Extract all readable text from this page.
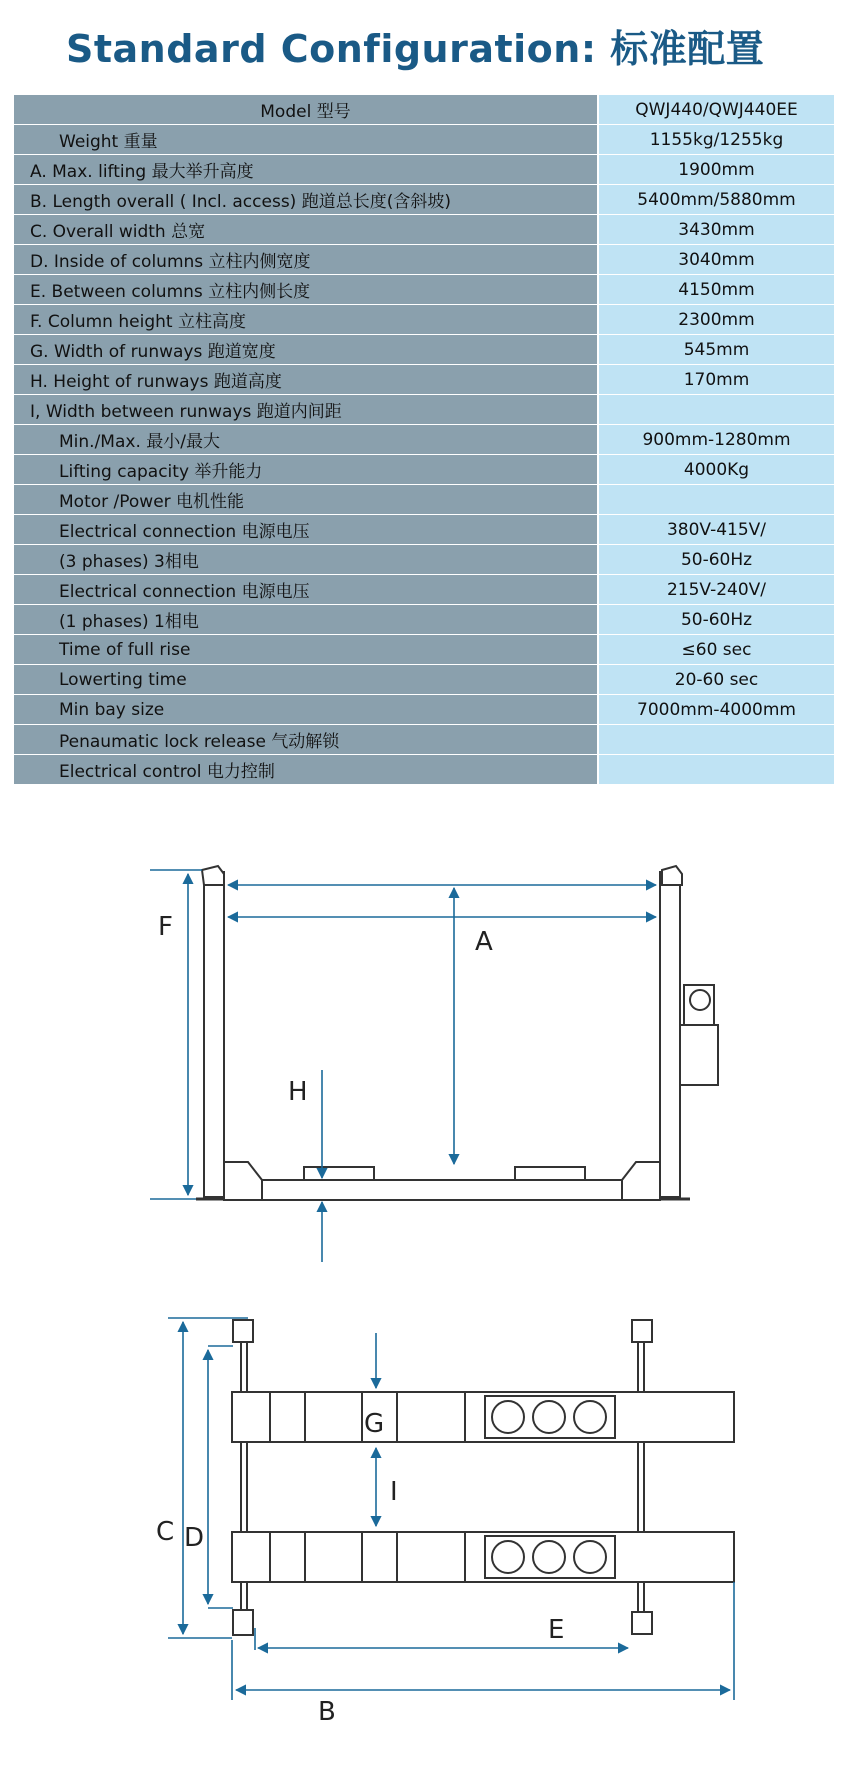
Standard Configuration: 标准配置
Model 型号	QWJ440/QWJ440EE
Weight 重量	1155kg/1255kg
A. Max. lifting 最大举升高度	1900mm
B. Length overall ( Incl. access) 跑道总长度(含斜坡)	5400mm/5880mm
C. Overall width 总宽	3430mm
D. Inside of columns 立柱内侧宽度	3040mm
E. Between columns 立柱内侧长度	4150mm
F. Column height 立柱高度	2300mm
G. Width of runways 跑道宽度	545mm
H. Height of runways 跑道高度	170mm
I, Width between runways 跑道内间距	
Min./Max. 最小/最大	900mm-1280mm
Lifting capacity 举升能力	4000Kg
Motor /Power 电机性能	
Electrical connection 电源电压	380V-415V/
(3 phases) 3相电	50-60Hz
Electrical connection 电源电压	215V-240V/
(1 phases) 1相电	50-60Hz
Time of full rise	≤60 sec
Lowerting time	20-60 sec
Min bay size	7000mm-4000mm
Penaumatic lock release 气动解锁	
Electrical control 电力控制	
F	A
H
G
I
C D
E
B
